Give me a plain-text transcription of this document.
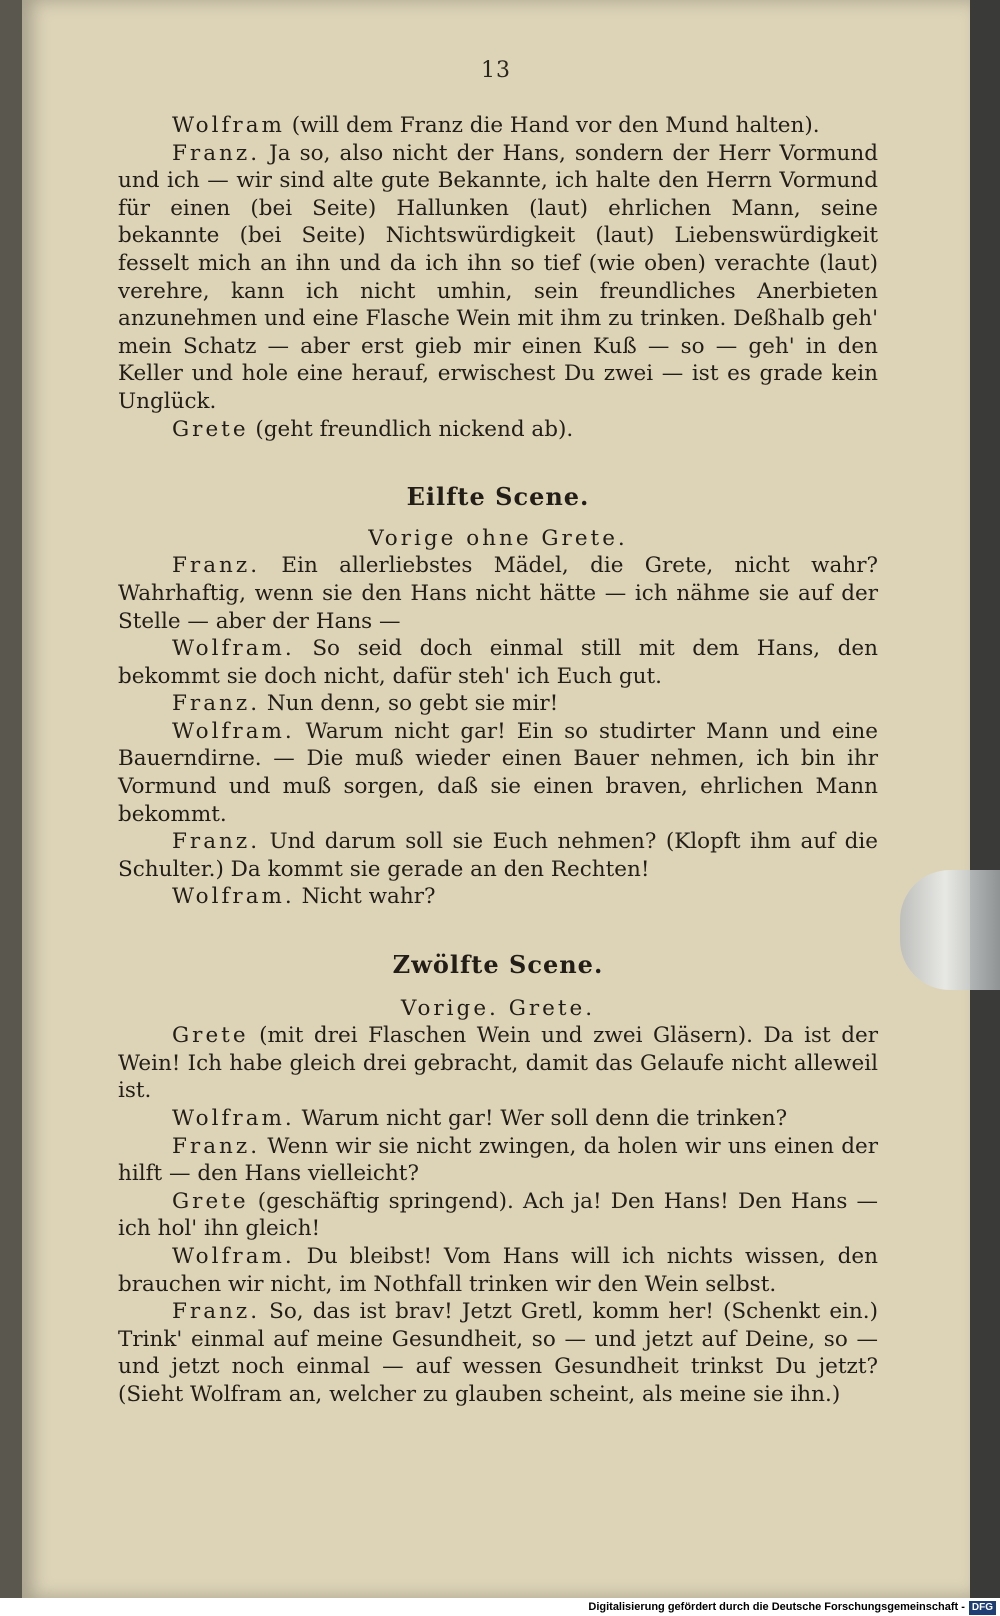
13

Wolfram (will dem Franz die Hand vor den Mund halten).

Franz. Ja so, also nicht der Hans, sondern der Herr Vormund und ich — wir sind alte gute Bekannte, ich halte den Herrn Vormund für einen (bei Seite) Hallunken (laut) ehrlichen Mann, seine bekannte (bei Seite) Nichtswürdigkeit (laut) Liebenswürdigkeit fesselt mich an ihn und da ich ihn so tief (wie oben) verachte (laut) verehre, kann ich nicht umhin, sein freundliches Anerbieten anzunehmen und eine Flasche Wein mit ihm zu trinken. Deßhalb geh' mein Schatz — aber erst gieb mir einen Kuß — so — geh' in den Keller und hole eine herauf, erwischest Du zwei — ist es grade kein Unglück.

Grete (geht freundlich nickend ab).

Eilfte Scene.

Vorige ohne Grete.

Franz. Ein allerliebstes Mädel, die Grete, nicht wahr? Wahrhaftig, wenn sie den Hans nicht hätte — ich nähme sie auf der Stelle — aber der Hans —

Wolfram. So seid doch einmal still mit dem Hans, den bekommt sie doch nicht, dafür steh' ich Euch gut.

Franz. Nun denn, so gebt sie mir!

Wolfram. Warum nicht gar! Ein so studirter Mann und eine Bauerndirne. — Die muß wieder einen Bauer nehmen, ich bin ihr Vormund und muß sorgen, daß sie einen braven, ehrlichen Mann bekommt.

Franz. Und darum soll sie Euch nehmen? (Klopft ihm auf die Schulter.) Da kommt sie gerade an den Rechten!

Wolfram. Nicht wahr?

Zwölfte Scene.

Vorige. Grete.

Grete (mit drei Flaschen Wein und zwei Gläsern). Da ist der Wein! Ich habe gleich drei gebracht, damit das Gelaufe nicht alleweil ist.

Wolfram. Warum nicht gar! Wer soll denn die trinken?

Franz. Wenn wir sie nicht zwingen, da holen wir uns einen der hilft — den Hans vielleicht?

Grete (geschäftig springend). Ach ja! Den Hans! Den Hans — ich hol' ihn gleich!

Wolfram. Du bleibst! Vom Hans will ich nichts wissen, den brauchen wir nicht, im Nothfall trinken wir den Wein selbst.

Franz. So, das ist brav! Jetzt Gretl, komm her! (Schenkt ein.) Trink' einmal auf meine Gesundheit, so — und jetzt auf Deine, so — und jetzt noch einmal — auf wessen Gesundheit trinkst Du jetzt? (Sieht Wolfram an, welcher zu glauben scheint, als meine sie ihn.)

Digitalisierung gefördert durch die Deutsche Forschungsgemeinschaft - DFG
